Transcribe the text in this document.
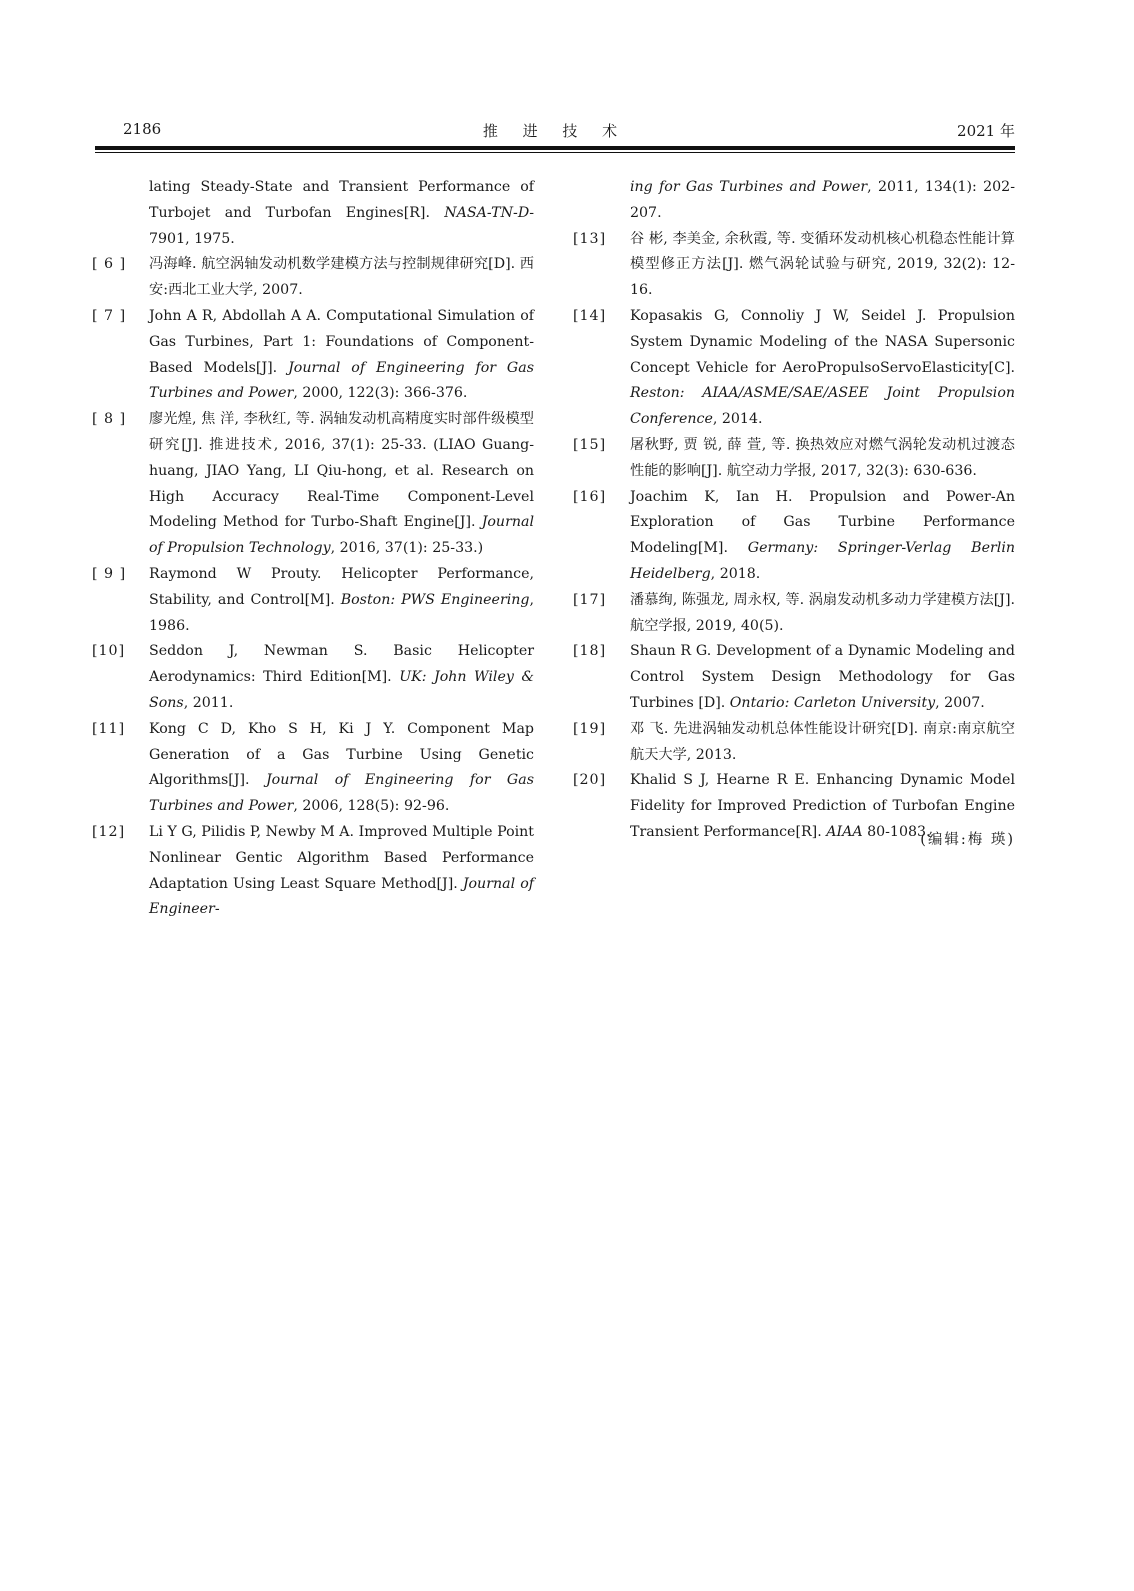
2186	推 进 技 术	2021 年
lating Steady-State and Transient Performance of Turbojet and Turbofan Engines[R]. NASA-TN-D-7901, 1975.
[ 6 ] 冯海峰. 航空涡轴发动机数学建模方法与控制规律研究[D]. 西安:西北工业大学, 2007.
[ 7 ] John A R, Abdollah A A. Computational Simulation of Gas Turbines, Part 1: Foundations of Component-Based Models[J]. Journal of Engineering for Gas Turbines and Power, 2000, 122(3): 366-376.
[ 8 ] 廖光煌, 焦 洋, 李秋红, 等. 涡轴发动机高精度实时部件级模型研究[J]. 推进技术, 2016, 37(1): 25-33. (LIAO Guang-huang, JIAO Yang, LI Qiu-hong, et al. Research on High Accuracy Real-Time Component-Level Modeling Method for Turbo-Shaft Engine[J]. Journal of Propulsion Technology, 2016, 37(1): 25-33.)
[ 9 ] Raymond W Prouty. Helicopter Performance, Stability, and Control[M]. Boston: PWS Engineering, 1986.
[10] Seddon J, Newman S. Basic Helicopter Aerodynamics: Third Edition[M]. UK: John Wiley & Sons, 2011.
[11] Kong C D, Kho S H, Ki J Y. Component Map Generation of a Gas Turbine Using Genetic Algorithms[J]. Journal of Engineering for Gas Turbines and Power, 2006, 128(5): 92-96.
[12] Li Y G, Pilidis P, Newby M A. Improved Multiple Point Nonlinear Gentic Algorithm Based Performance Adaptation Using Least Square Method[J]. Journal of Engineer-
ing for Gas Turbines and Power, 2011, 134(1): 202-207.
[13] 谷 彬, 李美金, 余秋霞, 等. 变循环发动机核心机稳态性能计算模型修正方法[J]. 燃气涡轮试验与研究, 2019, 32(2): 12-16.
[14] Kopasakis G, Connoliy J W, Seidel J. Propulsion System Dynamic Modeling of the NASA Supersonic Concept Vehicle for AeroPropulsoServoElasticity[C]. Reston: AIAA/ASME/SAE/ASEE Joint Propulsion Conference, 2014.
[15] 屠秋野, 贾 锐, 薛 萱, 等. 换热效应对燃气涡轮发动机过渡态性能的影响[J]. 航空动力学报, 2017, 32(3): 630-636.
[16] Joachim K, Ian H. Propulsion and Power-An Exploration of Gas Turbine Performance Modeling[M]. Germany: Springer-Verlag Berlin Heidelberg, 2018.
[17] 潘慕绚, 陈强龙, 周永权, 等. 涡扇发动机多动力学建模方法[J]. 航空学报, 2019, 40(5).
[18] Shaun R G. Development of a Dynamic Modeling and Control System Design Methodology for Gas Turbines [D]. Ontario: Carleton University, 2007.
[19] 邓 飞. 先进涡轴发动机总体性能设计研究[D]. 南京:南京航空航天大学, 2013.
[20] Khalid S J, Hearne R E. Enhancing Dynamic Model Fidelity for Improved Prediction of Turbofan Engine Transient Performance[R]. AIAA 80-1083.
(编辑:梅 瑛)
